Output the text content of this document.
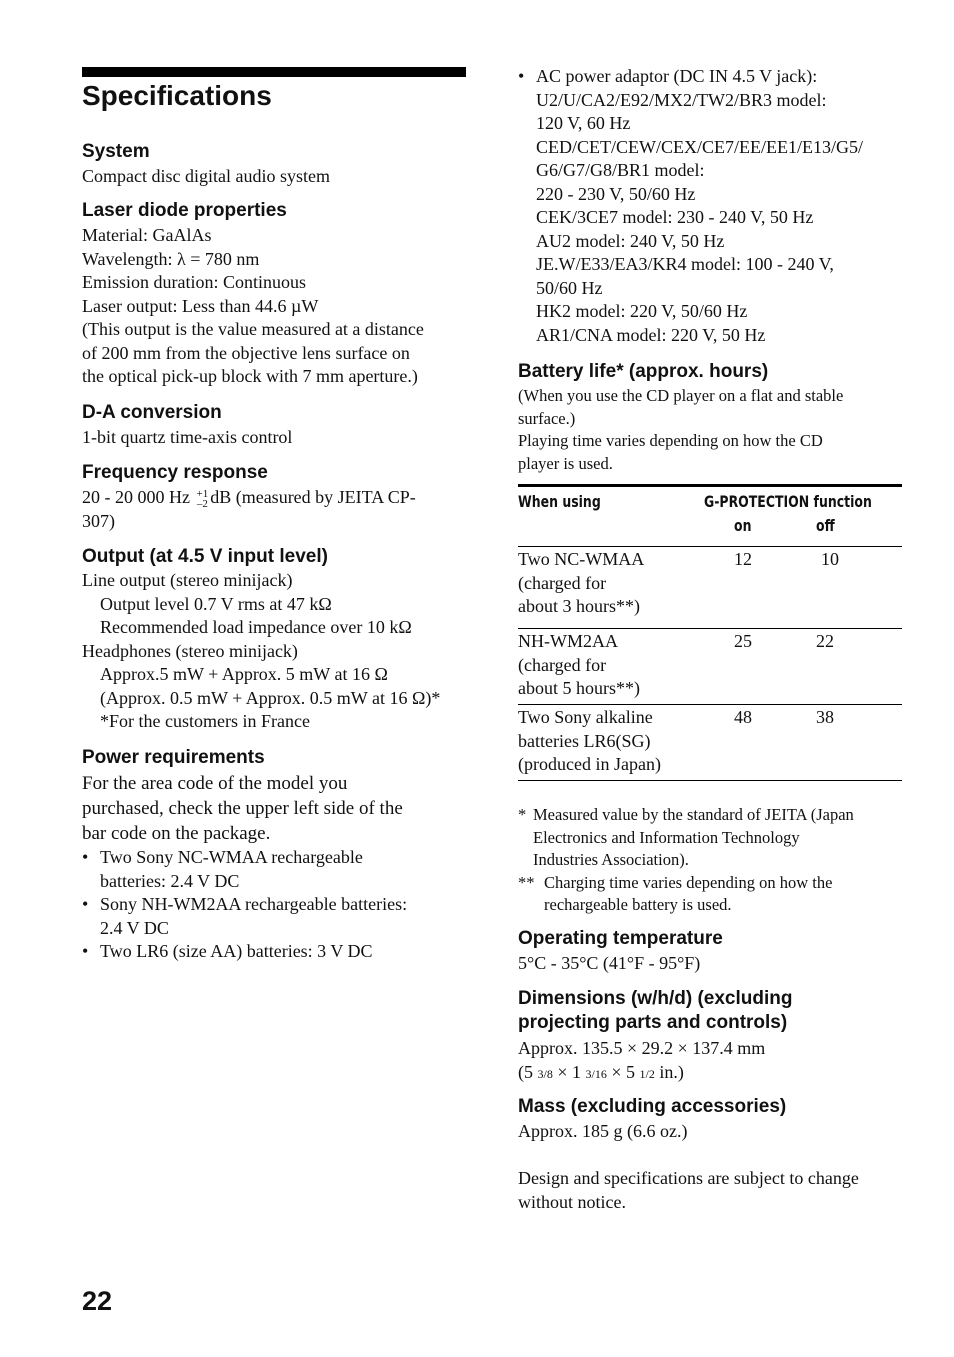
Specifications
System
Compact disc digital audio system
Laser diode properties
Material: GaAlAs
Wavelength: λ = 780 nm
Emission duration: Continuous
Laser output: Less than 44.6 µW
(This output is the value measured at a distance
of 200 mm from the objective lens surface on
the optical pick-up block with 7 mm aperture.)
D-A conversion
1-bit quartz time-axis control
Frequency response
20 - 20 000 Hz +1
–2 dB (measured by JEITA CP-
307)
Output (at 4.5 V input level)
Line output (stereo minijack)
Output level 0.7 V rms at 47 kΩ
Recommended load impedance over 10 kΩ
Headphones (stereo minijack)
Approx.5 mW + Approx. 5 mW at 16 Ω
(Approx. 0.5 mW + Approx. 0.5 mW at 16 Ω)*
*For the customers in France
Power requirements
For the area code of the model you
purchased, check the upper left side of the
bar code on the package.
• Two Sony NC-WMAA rechargeable
batteries: 2.4 V DC
• Sony NH-WM2AA rechargeable batteries:
2.4 V DC
• Two LR6 (size AA) batteries: 3 V DC
• AC power adaptor (DC IN 4.5 V jack):
U2/U/CA2/E92/MX2/TW2/BR3 model:
120 V, 60 Hz
CED/CET/CEW/CEX/CE7/EE/EE1/E13/G5/
G6/G7/G8/BR1 model:
220 - 230 V, 50/60 Hz
CEK/3CE7 model: 230 - 240 V, 50 Hz
AU2 model: 240 V, 50 Hz
JE.W/E33/EA3/KR4 model: 100 - 240 V,
50/60 Hz
HK2 model: 220 V, 50/60 Hz
AR1/CNA model: 220 V, 50 Hz
Battery life* (approx. hours)
(When you use the CD player on a flat and stable
surface.)
Playing time varies depending on how the CD
player is used.
When using	G-PROTECTION function
on	off
Two NC-WMAA
(charged for
about 3 hours**)
12	10
NH-WM2AA
(charged for
about 5 hours**)
25	22
Two Sony alkaline
batteries LR6(SG)
(produced in Japan)
48	38
* Measured value by the standard of JEITA (Japan
Electronics and Information Technology
Industries Association).
** Charging time varies depending on how the
rechargeable battery is used.
Operating temperature
5°C - 35°C (41°F - 95°F)
Dimensions (w/h/d) (excluding
projecting parts and controls)
Approx. 135.5 × 29.2 × 137.4 mm
(5 3/8 × 1 3/16 × 5 1/2 in.)
Mass (excluding accessories)
Approx. 185 g (6.6 oz.)
Design and specifications are subject to change
without notice.
22
